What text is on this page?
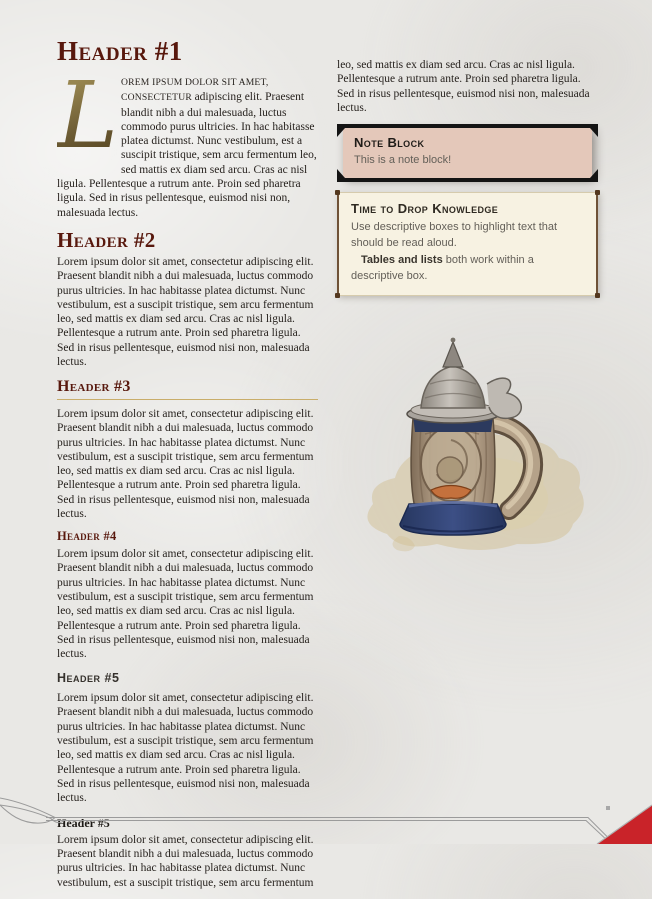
Header #1

L OREM IPSUM DOLOR SIT AMET, CONSECTETUR adipiscing elit. Praesent blandit nibh a dui malesuada, luctus commodo purus ultricies. In hac habitasse platea dictumst. Nunc vestibulum, est a suscipit tristique, sem arcu fermentum leo, sed mattis ex diam sed arcu. Cras ac nisl ligula. Pellentesque a rutrum ante. Proin sed pharetra ligula. Sed in risus pellentesque, euismod nisi non, malesuada lectus.

Header #2

Lorem ipsum dolor sit amet, consectetur adipiscing elit. Praesent blandit nibh a dui malesuada, luctus commodo purus ultricies. In hac habitasse platea dictumst. Nunc vestibulum, est a suscipit tristique, sem arcu fermentum leo, sed mattis ex diam sed arcu. Cras ac nisl ligula. Pellentesque a rutrum ante. Proin sed pharetra ligula. Sed in risus pellentesque, euismod nisi non, malesuada lectus.

Header #3

Lorem ipsum dolor sit amet, consectetur adipiscing elit. Praesent blandit nibh a dui malesuada, luctus commodo purus ultricies. In hac habitasse platea dictumst. Nunc vestibulum, est a suscipit tristique, sem arcu fermentum leo, sed mattis ex diam sed arcu. Cras ac nisl ligula. Pellentesque a rutrum ante. Proin sed pharetra ligula. Sed in risus pellentesque, euismod nisi non, malesuada lectus.

Header #4

Lorem ipsum dolor sit amet, consectetur adipiscing elit. Praesent blandit nibh a dui malesuada, luctus commodo purus ultricies. In hac habitasse platea dictumst. Nunc vestibulum, est a suscipit tristique, sem arcu fermentum leo, sed mattis ex diam sed arcu. Cras ac nisl ligula. Pellentesque a rutrum ante. Proin sed pharetra ligula. Sed in risus pellentesque, euismod nisi non, malesuada lectus.

Header #5

Lorem ipsum dolor sit amet, consectetur adipiscing elit. Praesent blandit nibh a dui malesuada, luctus commodo purus ultricies. In hac habitasse platea dictumst. Nunc vestibulum, est a suscipit tristique, sem arcu fermentum leo, sed mattis ex diam sed arcu. Cras ac nisl ligula. Pellentesque a rutrum ante. Proin sed pharetra ligula. Sed in risus pellentesque, euismod nisi non, malesuada lectus.

Header #5

Lorem ipsum dolor sit amet, consectetur adipiscing elit. Praesent blandit nibh a dui malesuada, luctus commodo purus ultricies. In hac habitasse platea dictumst. Nunc vestibulum, est a suscipit tristique, sem arcu fermentum

leo, sed mattis ex diam sed arcu. Cras ac nisl ligula. Pellentesque a rutrum ante. Proin sed pharetra ligula. Sed in risus pellentesque, euismod nisi non, malesuada lectus.

Note Block
This is a note block!
Time to Drop Knowledge

Use descriptive boxes to highlight text that should be read aloud.

Tables and lists both work within a descriptive box.
